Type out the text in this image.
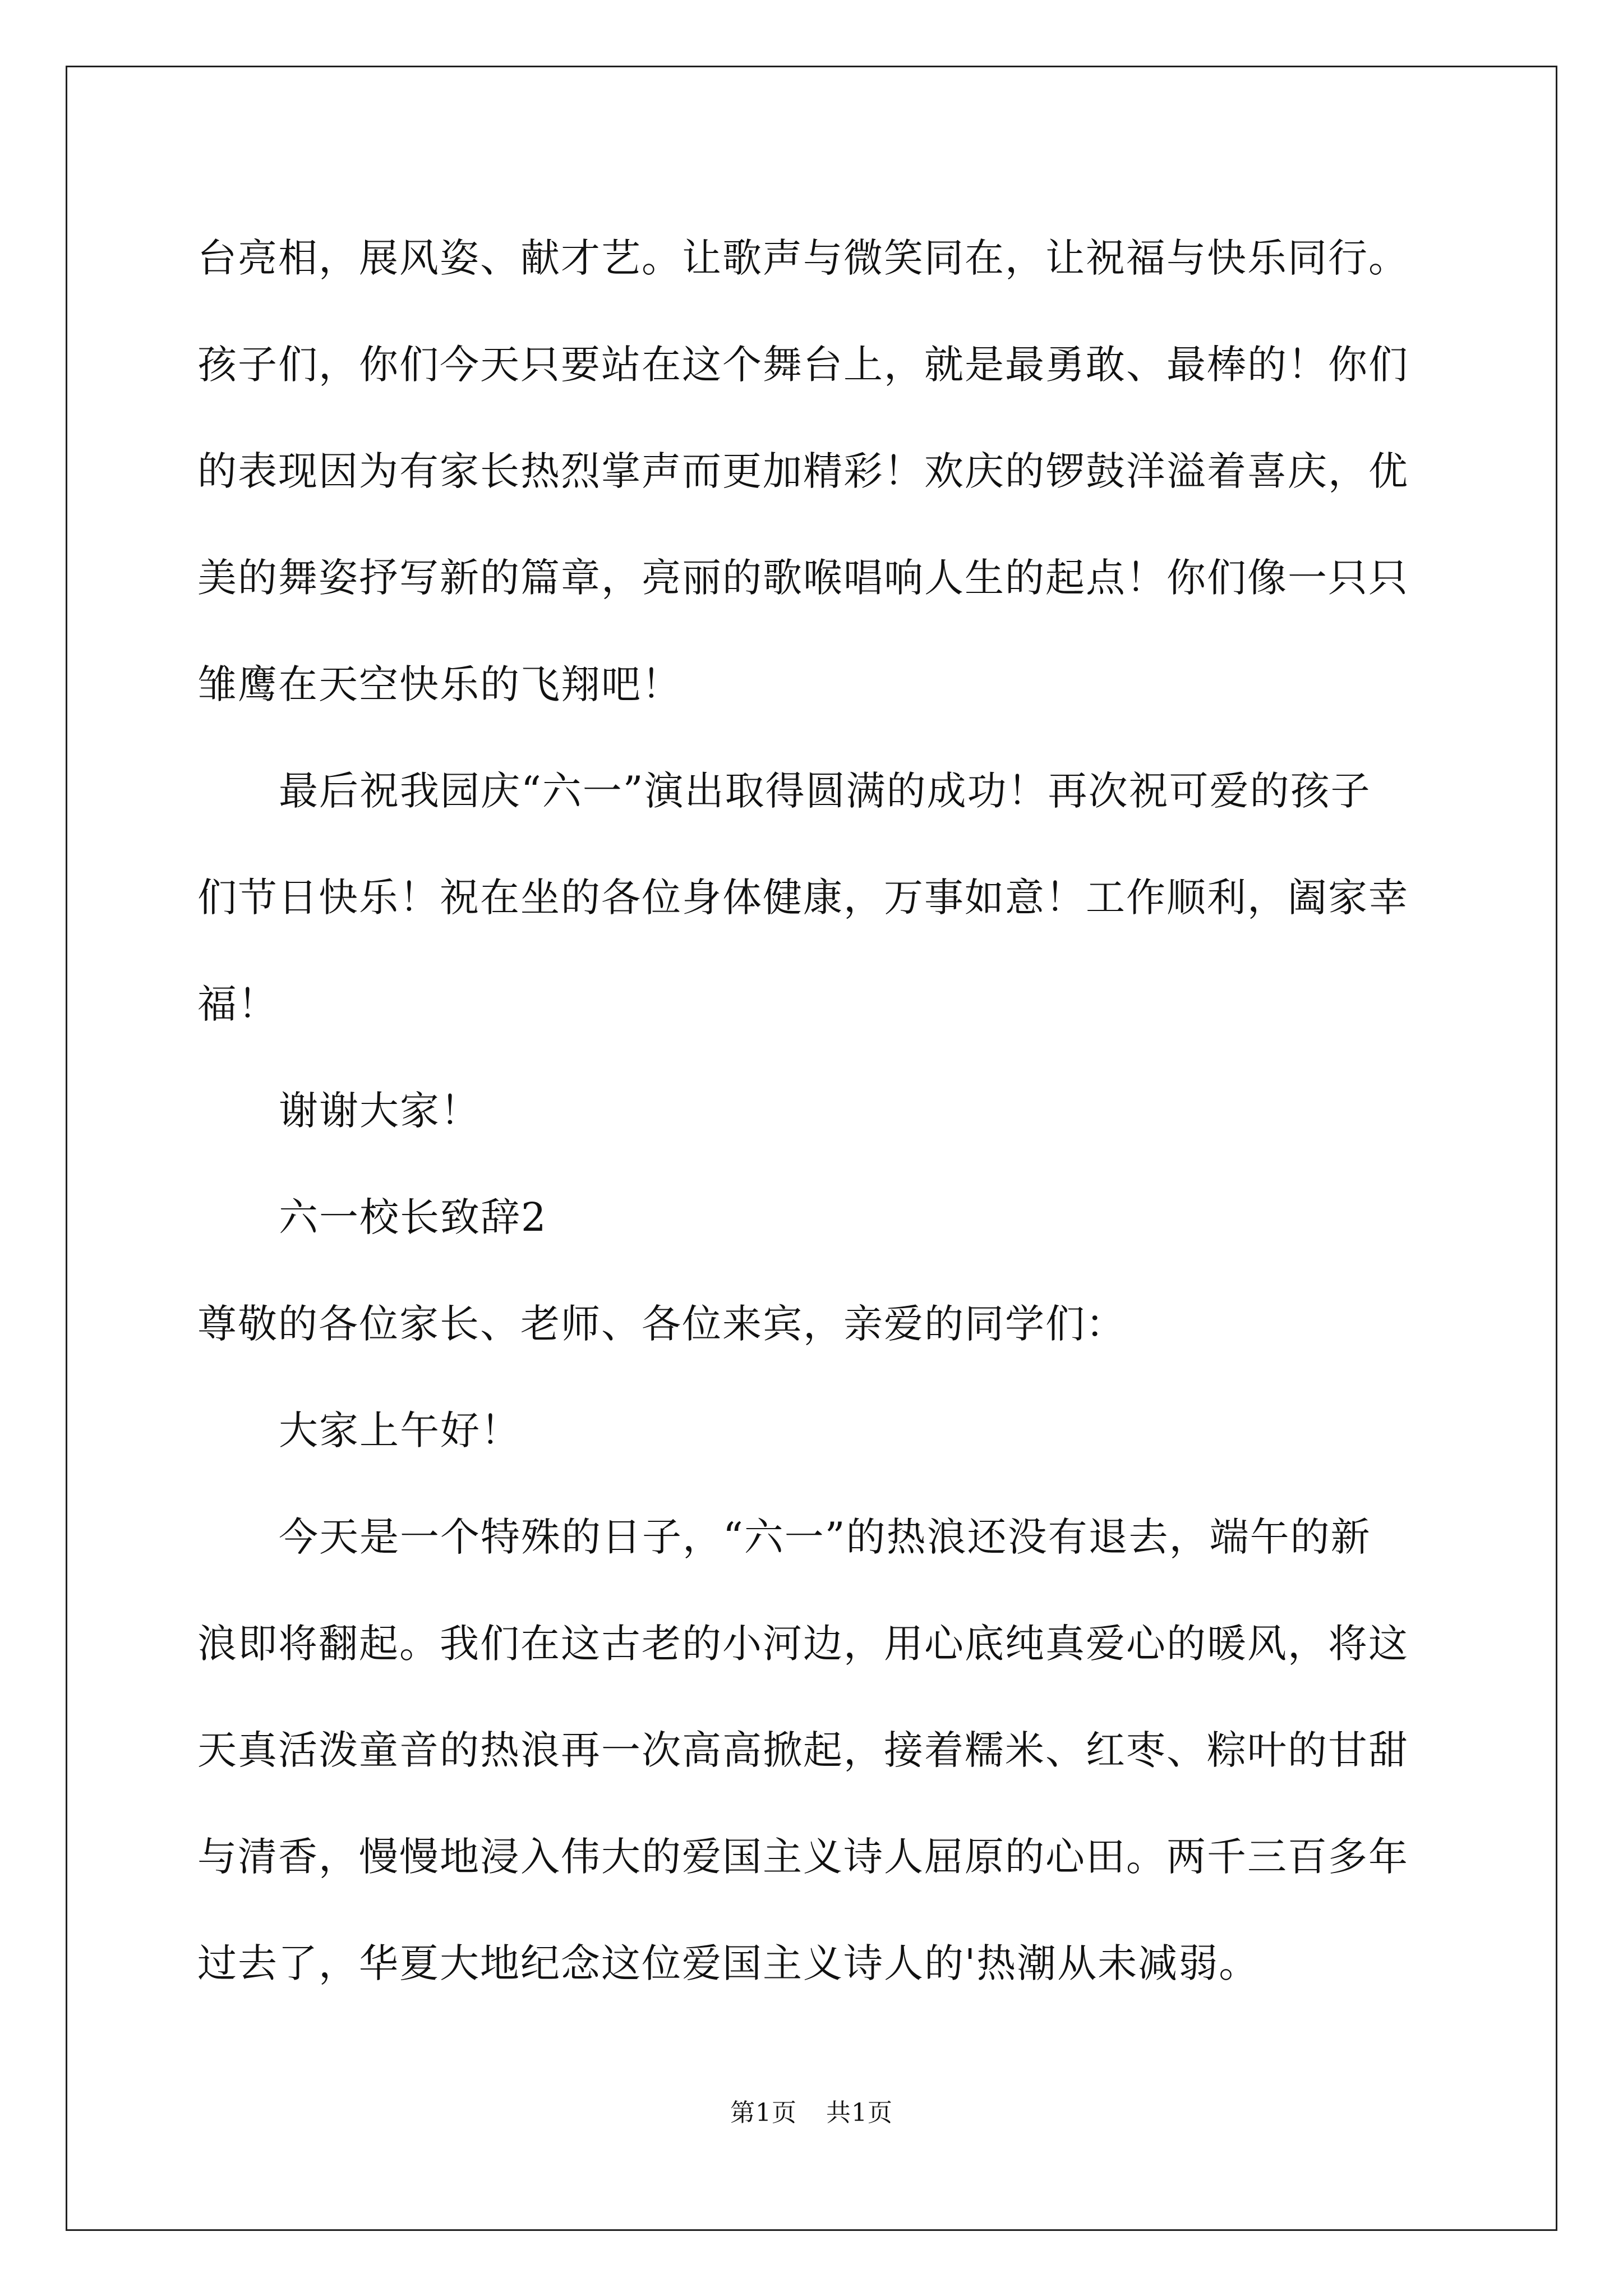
台亮相，展风姿、献才艺。让歌声与微笑同在，让祝福与快乐同行。
孩子们，你们今天只要站在这个舞台上，就是最勇敢、最棒的！你们
的表现因为有家长热烈掌声而更加精彩！欢庆的锣鼓洋溢着喜庆，优
美的舞姿抒写新的篇章，亮丽的歌喉唱响人生的起点！你们像一只只
雏鹰在天空快乐的飞翔吧！
最后祝我园庆“六一”演出取得圆满的成功！再次祝可爱的孩子
们节日快乐！祝在坐的各位身体健康，万事如意！工作顺利，阖家幸
福！
谢谢大家！
六一校长致辞2
尊敬的各位家长、老师、各位来宾，亲爱的同学们：
大家上午好！
今天是一个特殊的日子，“六一”的热浪还没有退去，端午的新
浪即将翻起。我们在这古老的小河边，用心底纯真爱心的暖风，将这
天真活泼童音的热浪再一次高高掀起，接着糯米、红枣、粽叶的甘甜
与清香，慢慢地浸入伟大的爱国主义诗人屈原的心田。两千三百多年
过去了，华夏大地纪念这位爱国主义诗人的'热潮从未减弱。
第1页 共1页
